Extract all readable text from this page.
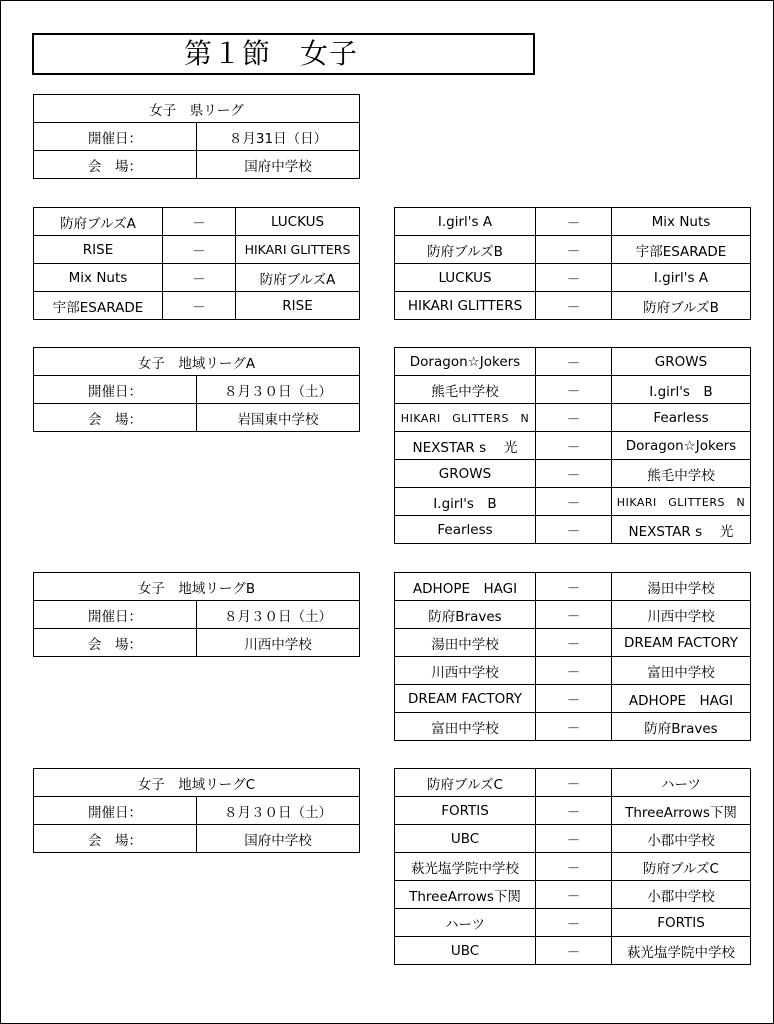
第１節　女子
女子　県リーグ	
開催日：	８月31日（日）
会　場：	国府中学校
防府ブルズA	－	LUCKUS
RISE	－	HIKARI GLITTERS
Mix Nuts	－	防府ブルズA
宇部ESARADE	－	RISE
I.girl's A	－	Mix Nuts
防府ブルズB	－	宇部ESARADE
LUCKUS	－	I.girl's A
HIKARI GLITTERS	－	防府ブルズB
女子　地域リーグA	
開催日：	８月３０日（土）
会　場：	岩国東中学校
Doragon☆Jokers	－	GROWS
熊毛中学校	－	I.girl's　B
HIKARI　GLITTERS　N	－	Fearless
NEXSTAR s　 光	－	Doragon☆Jokers
GROWS	－	熊毛中学校
I.girl's　B	－	HIKARI　GLITTERS　N
Fearless	－	NEXSTAR s　 光
女子　地域リーグB	
開催日：	８月３０日（土）
会　場：	川西中学校
ADHOPE　HAGI	－	湯田中学校
防府Braves	－	川西中学校
湯田中学校	－	DREAM FACTORY
川西中学校	－	富田中学校
DREAM FACTORY	－	ADHOPE　HAGI
富田中学校	－	防府Braves
女子　地域リーグC	
開催日：	８月３０日（土）
会　場：	国府中学校
防府ブルズC	－	ハーツ
FORTIS	－	ThreeArrows下関
UBC	－	小郡中学校
萩光塩学院中学校	－	防府ブルズC
ThreeArrows下関	－	小郡中学校
ハーツ	－	FORTIS
UBC	－	萩光塩学院中学校
